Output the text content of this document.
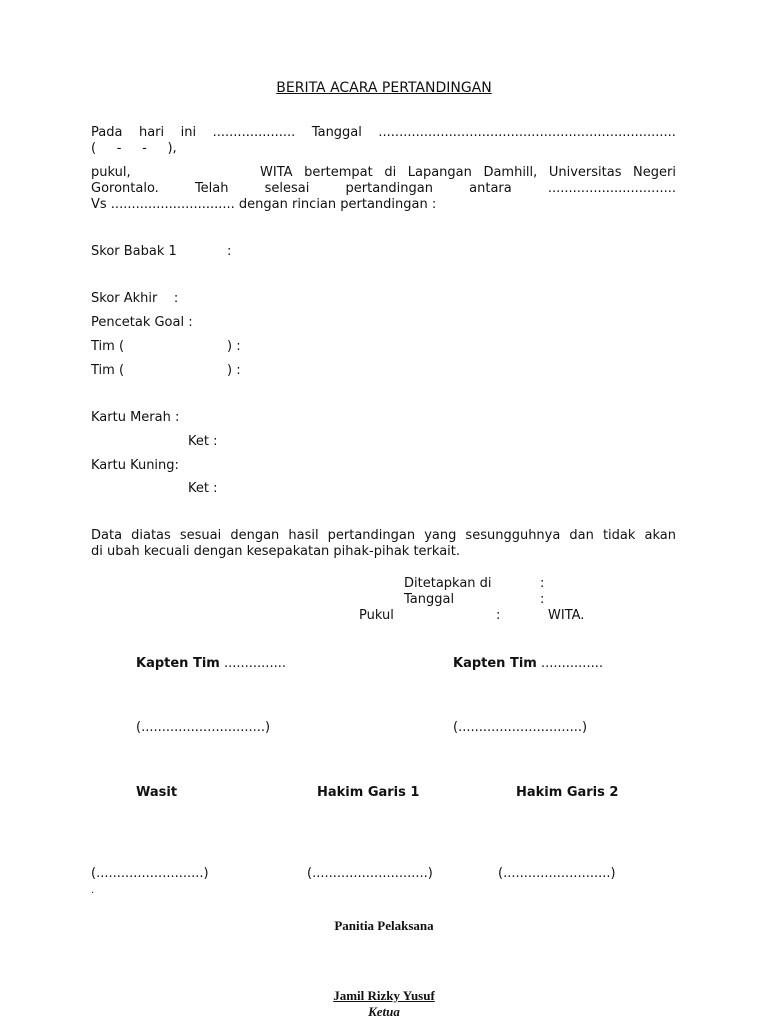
BERITA ACARA PERTANDINGAN
Pada hari ini .................... Tanggal ........................................................................
(     -     -     ),
pukul,	WITA bertempat di Lapangan Damhill, Universitas Negeri
Gorontalo.	Telah	selesai	pertandingan	antara	...............................
Vs .............................. dengan rincian pertandingan :
Skor Babak 1	:
Skor Akhir    :
Pencetak Goal :
Tim (	) :
Tim (	) :
Kartu Merah :
Ket :
Kartu Kuning:
Ket :
Data diatas sesuai dengan hasil pertandingan yang sesungguhnya dan tidak akan
di ubah kecuali dengan kesepakatan pihak-pihak terkait.
Ditetapkan di	:
Tanggal	:
Pukul	:	WITA.
Kapten Tim ...............	Kapten Tim ...............
(..............................)	(..............................)
Wasit	Hakim Garis 1	Hakim Garis 2
(..........................)	(............................)	(..........................)
.
Panitia Pelaksana
Jamil Rizky Yusuf
Ketua
